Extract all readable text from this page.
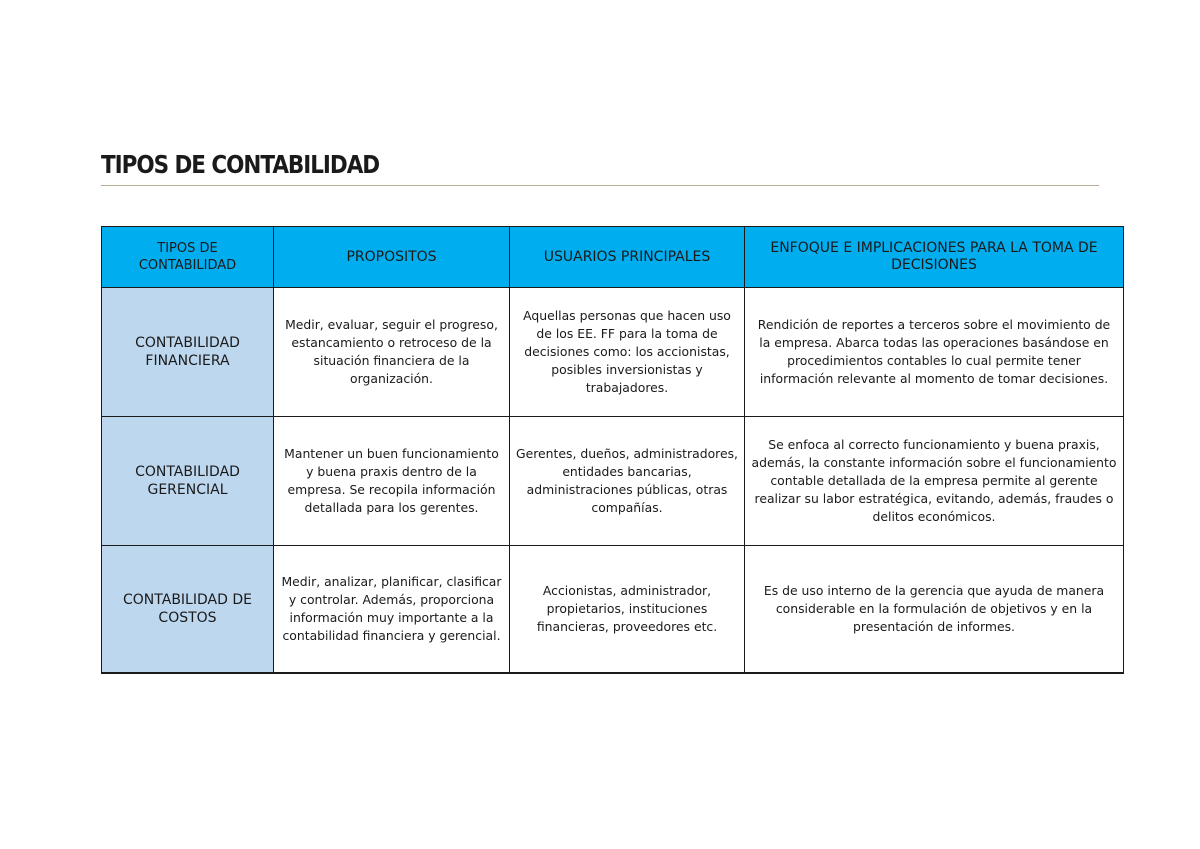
TIPOS DE CONTABILIDAD
TIPOS DE CONTABILIDAD	PROPOSITOS	USUARIOS PRINCIPALES	ENFOQUE E IMPLICACIONES PARA LA TOMA DE DECISIONES
CONTABILIDAD FINANCIERA	Medir, evaluar, seguir el progreso, estancamiento o retroceso de la situación financiera de la organización.	Aquellas personas que hacen uso de los EE. FF para la toma de decisiones como: los accionistas, posibles inversionistas y trabajadores.	Rendición de reportes a terceros sobre el movimiento de la empresa. Abarca todas las operaciones basándose en procedimientos contables lo cual permite tener información relevante al momento de tomar decisiones.
CONTABILIDAD GERENCIAL	Mantener un buen funcionamiento y buena praxis dentro de la empresa. Se recopila información detallada para los gerentes.	Gerentes, dueños, administradores, entidades bancarias, administraciones públicas, otras compañías.	Se enfoca al correcto funcionamiento y buena praxis, además, la constante información sobre el funcionamiento contable detallada de la empresa permite al gerente realizar su labor estratégica, evitando, además, fraudes o delitos económicos.
CONTABILIDAD DE COSTOS	Medir, analizar, planificar, clasificar y controlar. Además, proporciona información muy importante a la contabilidad financiera y gerencial.	Accionistas, administrador, propietarios, instituciones financieras, proveedores etc.	Es de uso interno de la gerencia que ayuda de manera considerable en la formulación de objetivos y en la presentación de informes.
